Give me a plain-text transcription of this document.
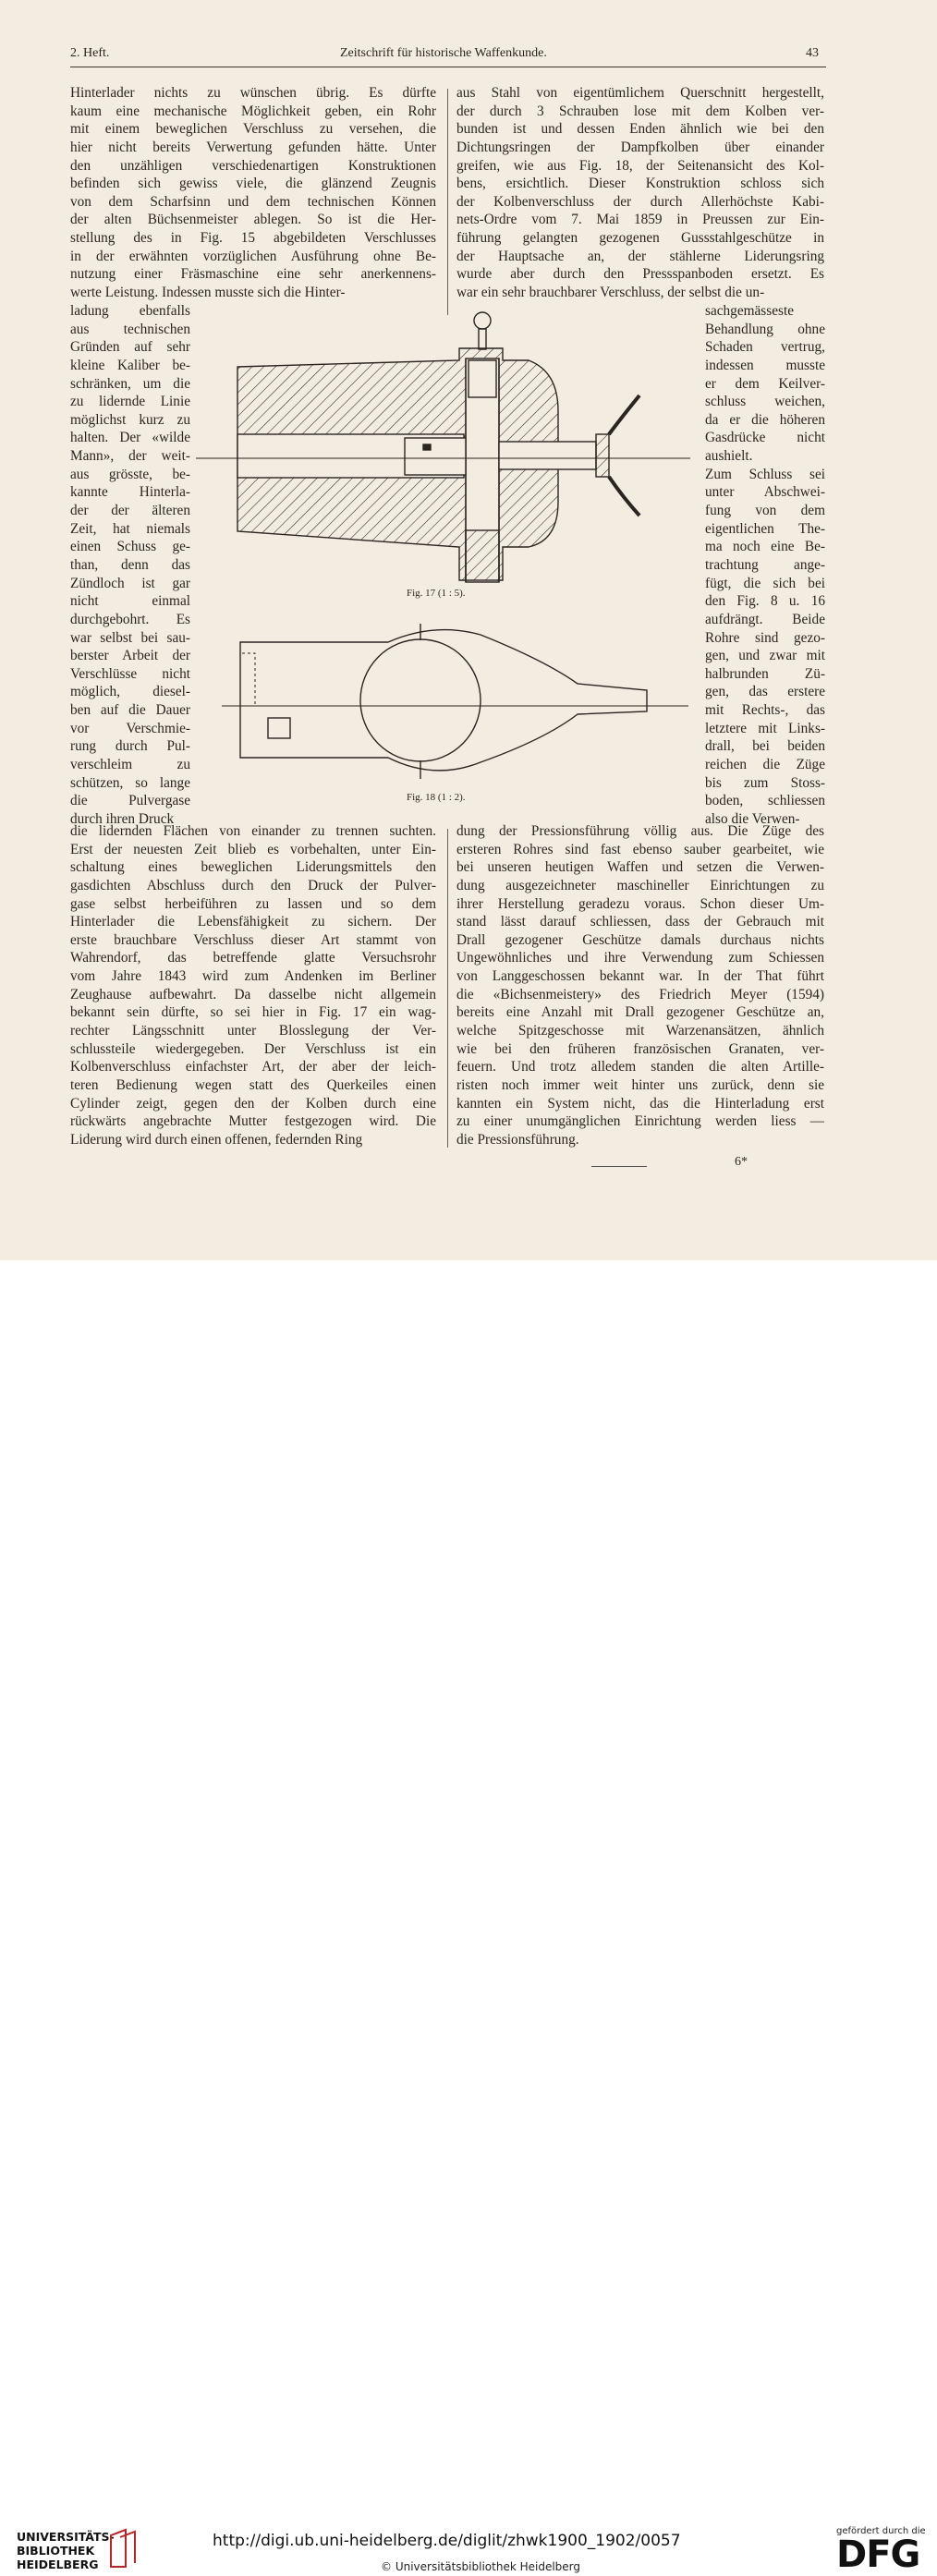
2. Heft.	Zeitschrift für historische Waffenkunde.	43
Hinterlader nichts zu wünschen übrig. Es dürfte
kaum eine mechanische Möglichkeit geben, ein Rohr
mit einem beweglichen Verschluss zu versehen, die
hier nicht bereits Verwertung gefunden hätte. Unter
den unzähligen verschiedenartigen Konstruktionen
befinden sich gewiss viele, die glänzend Zeugnis
von dem Scharfsinn und dem technischen Können
der alten Büchsenmeister ablegen. So ist die Her-
stellung des in Fig. 15 abgebildeten Verschlusses
in der erwähnten vorzüglichen Ausführung ohne Be-
nutzung einer Fräsmaschine eine sehr anerkennens-
werte Leistung. Indessen musste sich die Hinter-
aus Stahl von eigentümlichem Querschnitt hergestellt,
der durch 3 Schrauben lose mit dem Kolben ver-
bunden ist und dessen Enden ähnlich wie bei den
Dichtungsringen der Dampfkolben über einander
greifen, wie aus Fig. 18, der Seitenansicht des Kol-
bens, ersichtlich. Dieser Konstruktion schloss sich
der Kolbenverschluss der durch Allerhöchste Kabi-
nets-Ordre vom 7. Mai 1859 in Preussen zur Ein-
führung gelangten gezogenen Gussstahlgeschütze in
der Hauptsache an, der stählerne Liderungsring
wurde aber durch den Pressspanboden ersetzt. Es
war ein sehr brauchbarer Verschluss, der selbst die un-
ladung ebenfalls
aus technischen
Gründen auf sehr
kleine Kaliber be-
schränken, um die
zu lidernde Linie
möglichst kurz zu
halten. Der «wilde
Mann», der weit-
aus grösste, be-
kannte Hinterla-
der der älteren
Zeit, hat niemals
einen Schuss ge-
than, denn das
Zündloch ist gar
nicht einmal
durchgebohrt. Es
war selbst bei sau-
berster Arbeit der
Verschlüsse nicht
möglich, diesel-
ben auf die Dauer
vor Verschmie-
rung durch Pul-
verschleim zu
schützen, so lange
die Pulvergase
durch ihren Druck
sachgemässeste
Behandlung ohne
Schaden vertrug,
indessen musste
er dem Keilver-
schluss weichen,
da er die höheren
Gasdrücke nicht
aushielt.
Zum Schluss sei
unter Abschwei-
fung von dem
eigentlichen The-
ma noch eine Be-
trachtung ange-
fügt, die sich bei
den Fig. 8 u. 16
aufdrängt. Beide
Rohre sind gezo-
gen, und zwar mit
halbrunden Zü-
gen, das erstere
mit Rechts-, das
letztere mit Links-
drall, bei beiden
reichen die Züge
bis zum Stoss-
boden, schliessen
also die Verwen-
die lidernden Flächen von einander zu trennen suchten.
Erst der neuesten Zeit blieb es vorbehalten, unter Ein-
schaltung eines beweglichen Liderungsmittels den
gasdichten Abschluss durch den Druck der Pulver-
gase selbst herbeiführen zu lassen und so dem
Hinterlader die Lebensfähigkeit zu sichern. Der
erste brauchbare Verschluss dieser Art stammt von
Wahrendorf, das betreffende glatte Versuchsrohr
vom Jahre 1843 wird zum Andenken im Berliner
Zeughause aufbewahrt. Da dasselbe nicht allgemein
bekannt sein dürfte, so sei hier in Fig. 17 ein wag-
rechter Längsschnitt unter Blosslegung der Ver-
schlussteile wiedergegeben. Der Verschluss ist ein
Kolbenverschluss einfachster Art, der aber der leich-
teren Bedienung wegen statt des Querkeiles einen
Cylinder zeigt, gegen den der Kolben durch eine
rückwärts angebrachte Mutter festgezogen wird. Die
Liderung wird durch einen offenen, federnden Ring
dung der Pressionsführung völlig aus. Die Züge des
ersteren Rohres sind fast ebenso sauber gearbeitet, wie
bei unseren heutigen Waffen und setzen die Verwen-
dung ausgezeichneter maschineller Einrichtungen zu
ihrer Herstellung geradezu voraus. Schon dieser Um-
stand lässt darauf schliessen, dass der Gebrauch mit
Drall gezogener Geschütze damals durchaus nichts
Ungewöhnliches und ihre Verwendung zum Schiessen
von Langgeschossen bekannt war. In der That führt
die «Bichsenmeistery» des Friedrich Meyer (1594)
bereits eine Anzahl mit Drall gezogener Geschütze an,
welche Spitzgeschosse mit Warzenansätzen, ähnlich
wie bei den früheren französischen Granaten, ver-
feuern. Und trotz alledem standen die alten Artille-
risten noch immer weit hinter uns zurück, denn sie
kannten ein System nicht, das die Hinterladung erst
zu einer unumgänglichen Einrichtung werden liess —
die Pressionsführung.
Fig. 17 (1 : 5).
Fig. 18 (1 : 2).
6*
UNIVERSITÄTS-
BIBLIOTHEK
HEIDELBERG
http://digi.ub.uni-heidelberg.de/diglit/zhwk1900_1902/0057
© Universitätsbibliothek Heidelberg
gefördert durch die
DFG
